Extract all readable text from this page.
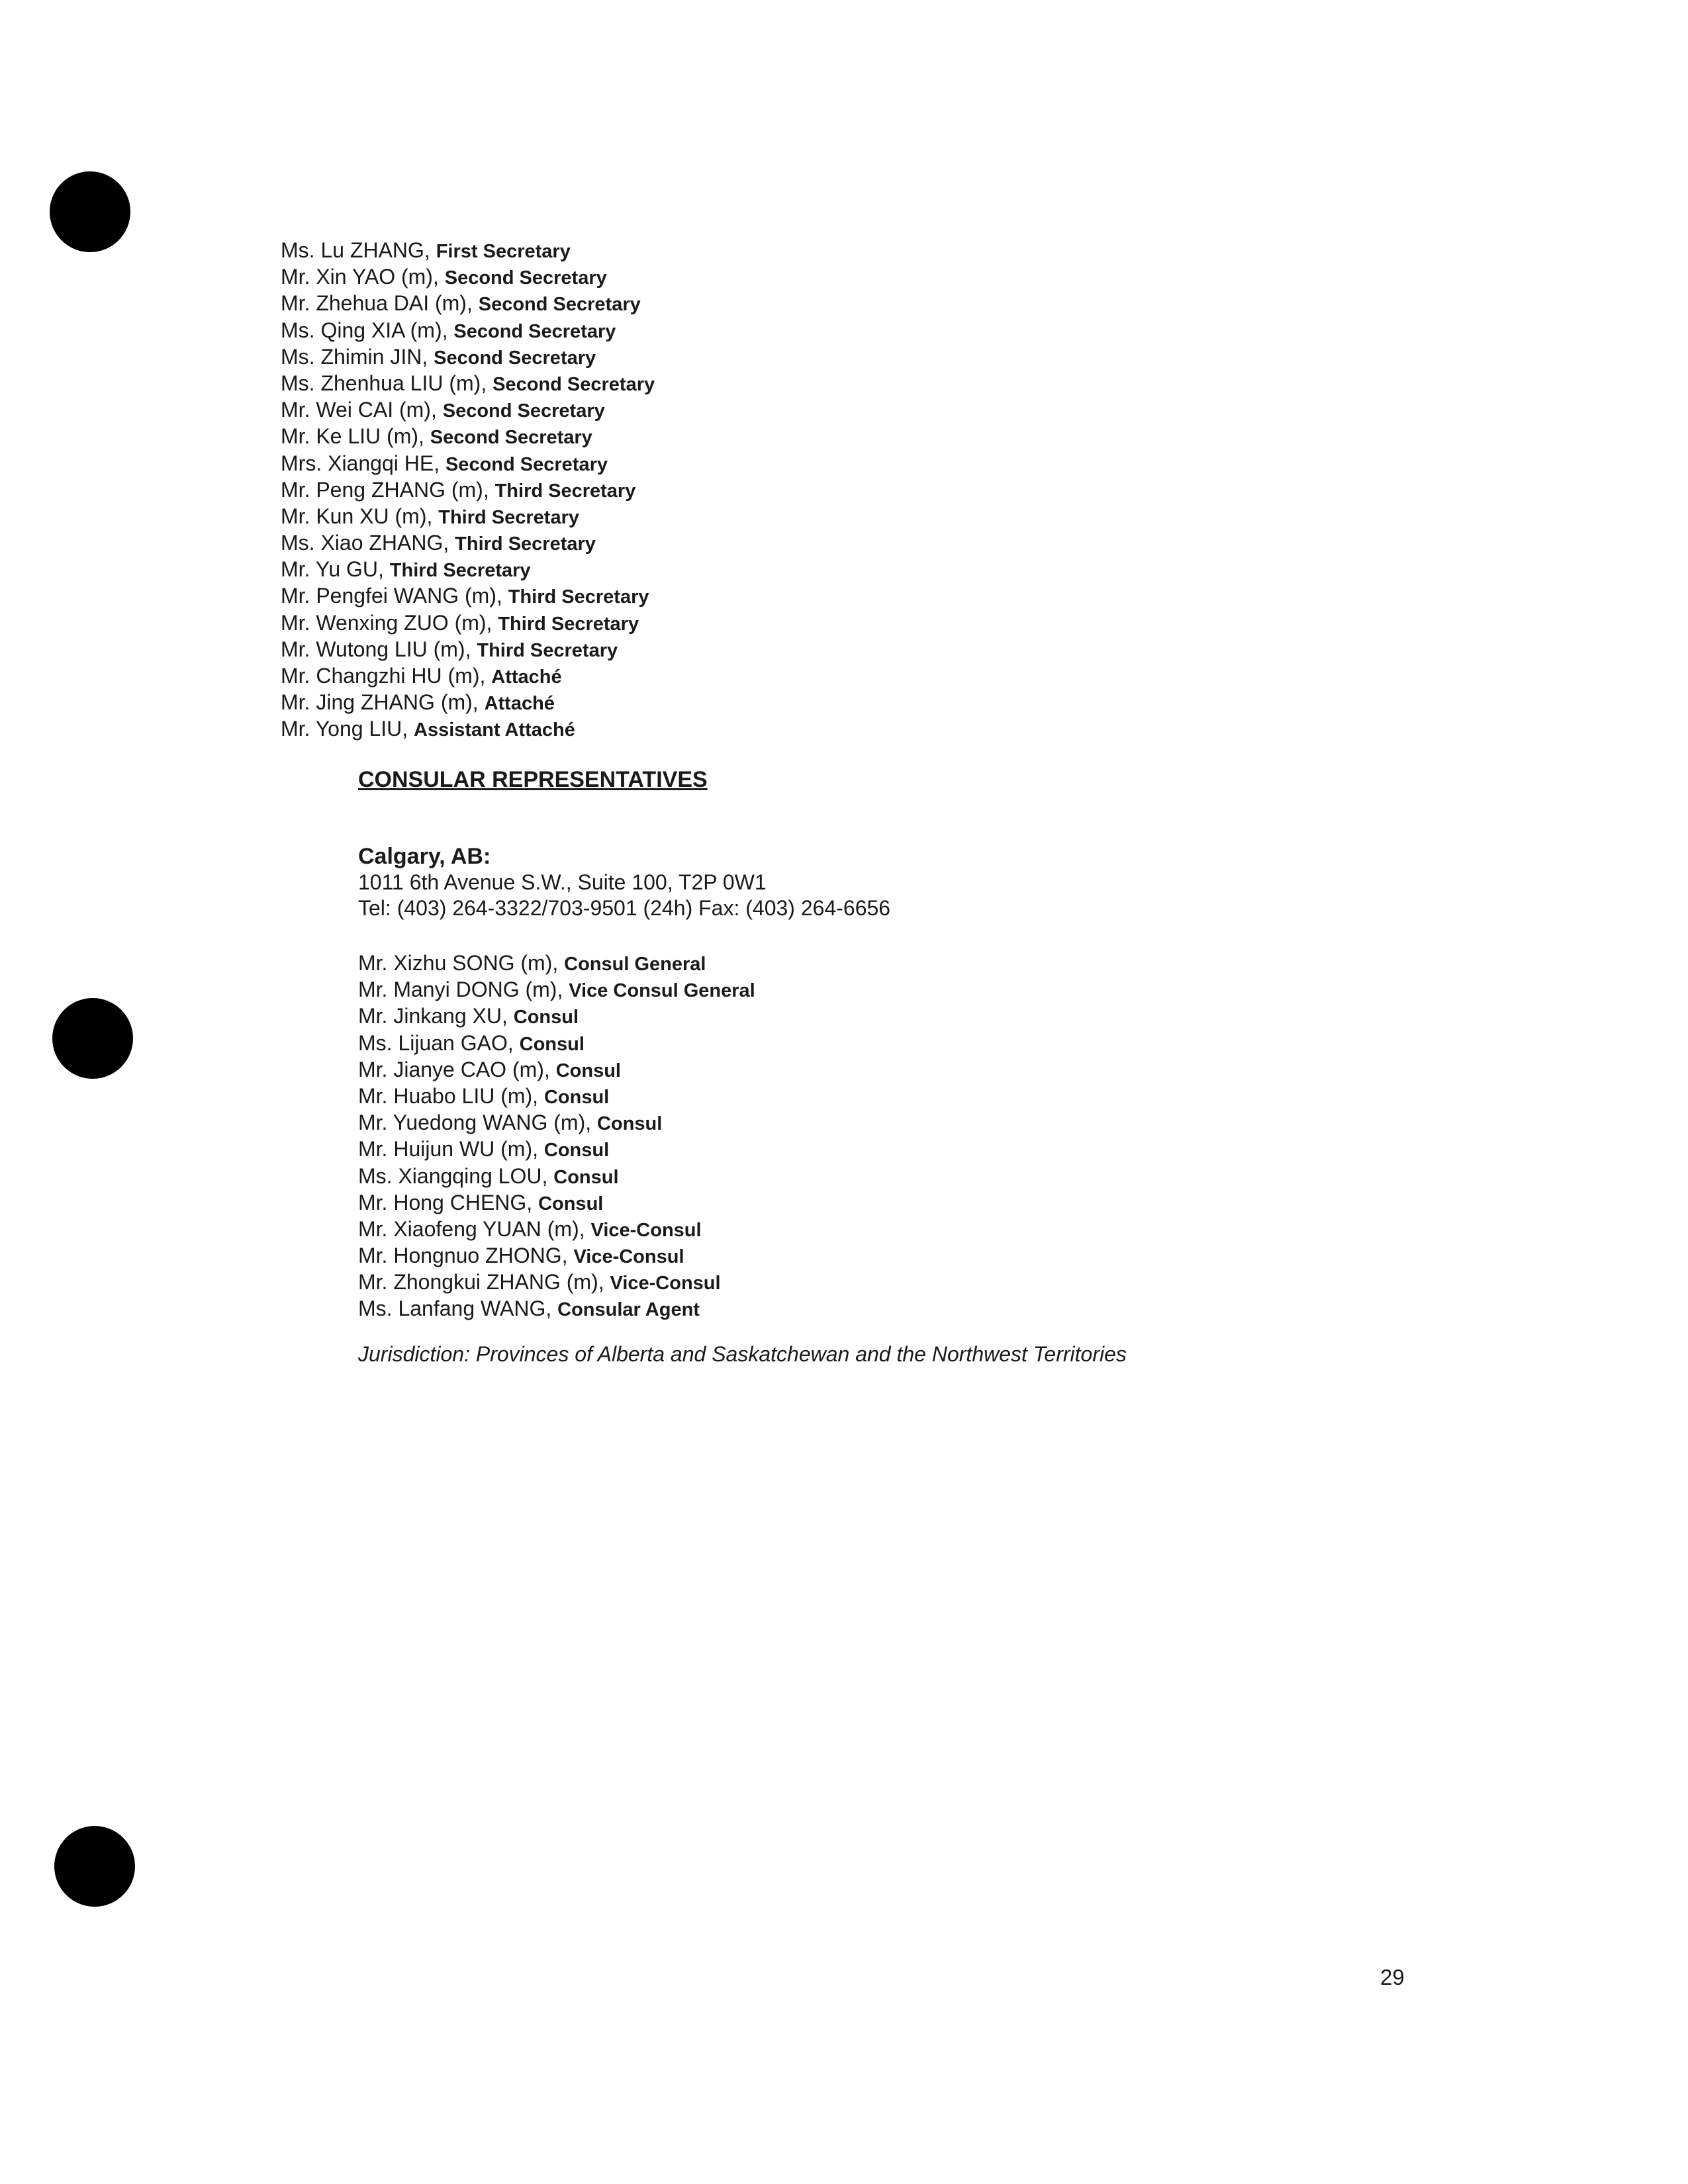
Ms. Lu ZHANG, First Secretary
Mr. Xin YAO (m), Second Secretary
Mr. Zhehua DAI (m), Second Secretary
Ms. Qing XIA (m), Second Secretary
Ms. Zhimin JIN, Second Secretary
Ms. Zhenhua LIU (m), Second Secretary
Mr. Wei CAI (m), Second Secretary
Mr. Ke LIU (m), Second Secretary
Mrs. Xiangqi HE, Second Secretary
Mr. Peng ZHANG (m), Third Secretary
Mr. Kun XU (m), Third Secretary
Ms. Xiao ZHANG, Third Secretary
Mr. Yu GU, Third Secretary
Mr. Pengfei WANG (m), Third Secretary
Mr. Wenxing ZUO (m), Third Secretary
Mr. Wutong LIU (m), Third Secretary
Mr. Changzhi HU (m), Attaché
Mr. Jing ZHANG (m), Attaché
Mr. Yong LIU, Assistant Attaché
CONSULAR REPRESENTATIVES
Calgary, AB:
1011 6th Avenue S.W., Suite 100, T2P 0W1
Tel: (403) 264-3322/703-9501 (24h) Fax: (403) 264-6656
Mr. Xizhu SONG (m), Consul General
Mr. Manyi DONG (m), Vice Consul General
Mr. Jinkang XU, Consul
Ms. Lijuan GAO, Consul
Mr. Jianye CAO (m), Consul
Mr. Huabo LIU (m), Consul
Mr. Yuedong WANG (m), Consul
Mr. Huijun WU (m), Consul
Ms. Xiangqing LOU, Consul
Mr. Hong CHENG, Consul
Mr. Xiaofeng YUAN (m), Vice-Consul
Mr. Hongnuo ZHONG, Vice-Consul
Mr. Zhongkui ZHANG (m), Vice-Consul
Ms. Lanfang WANG, Consular Agent
Jurisdiction: Provinces of Alberta and Saskatchewan and the Northwest Territories
29
